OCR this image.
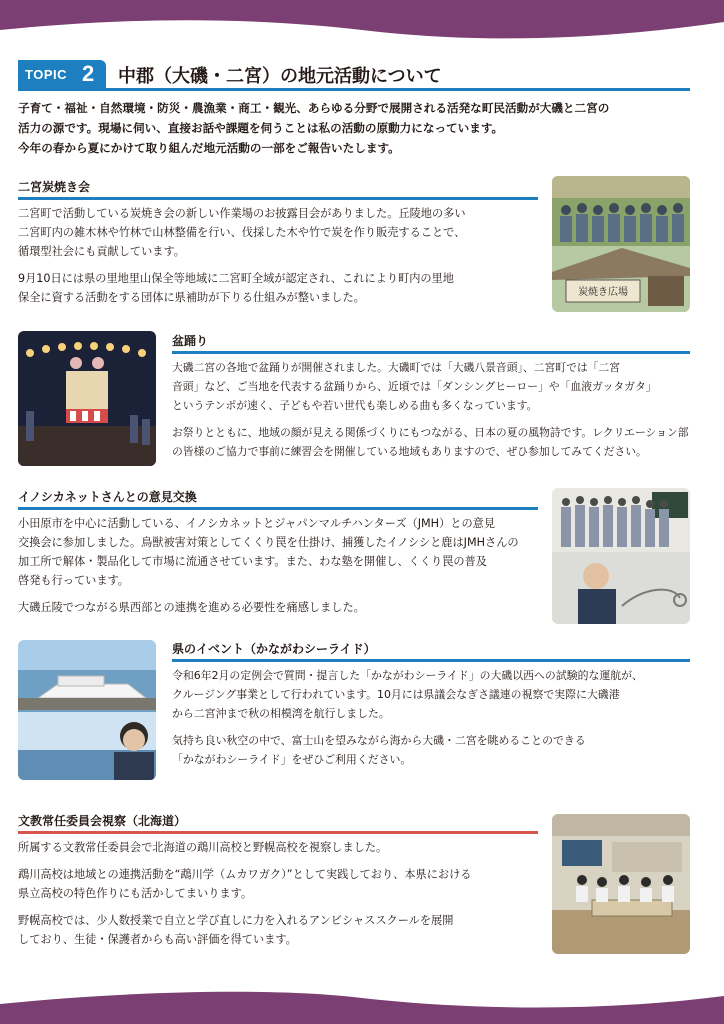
TOPIC 2 中郡（大磯・二宮）の地元活動について

子育て・福祉・自然環境・防災・農漁業・商工・観光、あらゆる分野で展開される活発な町民活動が大磯と二宮の

活力の源です。現場に伺い、直接お話や課題を伺うことは私の活動の原動力になっています。

今年の春から夏にかけて取り組んだ地元活動の一部をご報告いたします。

二宮炭焼き会

二宮町で活動している炭焼き会の新しい作業場のお披露目会がありました。丘陵地の多い
二宮町内の雑木林や竹林で山林整備を行い、伐採した木や竹で炭を作り販売することで、
循環型社会にも貢献しています。

9月10日には県の里地里山保全等地域に二宮町全域が認定され、これにより町内の里地
保全に資する活動をする団体に県補助が下りる仕組みが整いました。	炭焼き広場
盆踊り

大磯二宮の各地で盆踊りが開催されました。大磯町では「大磯八景音頭」、二宮町では「二宮
音頭」など、ご当地を代表する盆踊りから、近頃では「ダンシングヒーロー」や「血液ガッタガタ」
というテンポが速く、子どもや若い世代も楽しめる曲も多くなっています。

お祭りとともに、地域の顔が見える関係づくりにもつながる、日本の夏の風物詩です。レクリエーション部
の皆様のご協力で事前に練習会を開催している地域もありますので、ぜひ参加してみてください。

イノシカネットさんとの意見交換

小田原市を中心に活動している、イノシカネットとジャパンマルチハンターズ（JMH）との意見
交換会に参加しました。鳥獣被害対策としてくくり罠を仕掛け、捕獲したイノシシと鹿はJMHさんの
加工所で解体・製品化して市場に流通させています。また、わな塾を開催し、くくり罠の普及
啓発も行っています。

大磯丘陵でつながる県西部との連携を進める必要性を痛感しました。

県のイベント（かながわシーライド）

令和6年2月の定例会で質問・提言した「かながわシーライド」の大磯以西への試験的な運航が、
クルージング事業として行われています。10月には県議会なぎさ議連の視察で実際に大磯港
から二宮沖まで秋の相模湾を航行しました。

気持ち良い秋空の中で、富士山を望みながら海から大磯・二宮を眺めることのできる
「かながわシーライド」をぜひご利用ください。

文教常任委員会視察（北海道）

所属する文教常任委員会で北海道の鵡川高校と野幌高校を視察しました。

鵡川高校は地域との連携活動を“鵡川学（ムカワガク）”として実践しており、本県における
県立高校の特色作りにも活かしてまいります。

野幌高校では、少人数授業で自立と学び直しに力を入れるアンビシャススクールを展開
しており、生徒・保護者からも高い評価を得ています。
